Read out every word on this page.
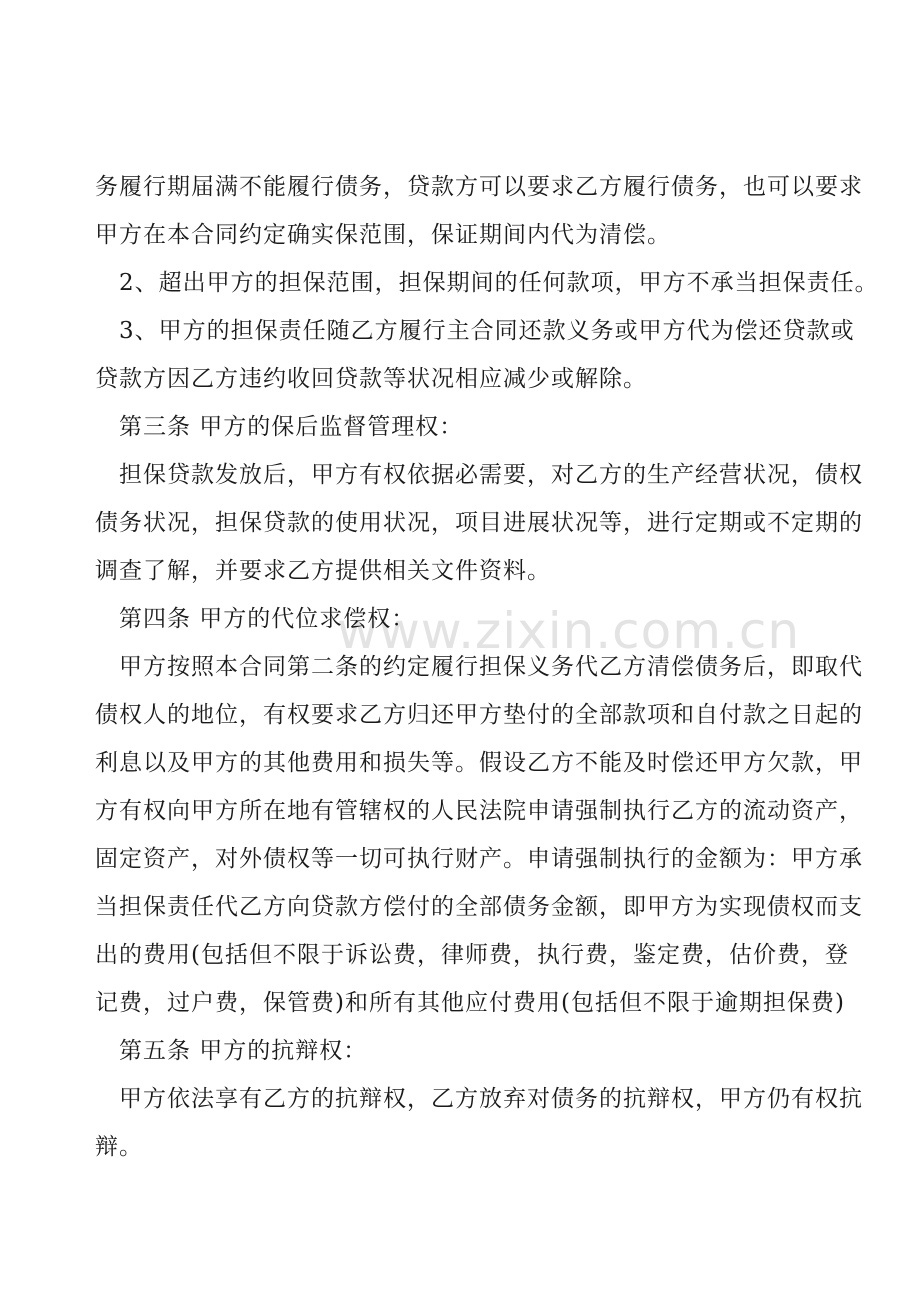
www.zixin.com.cn
务履行期届满不能履行债务，贷款方可以要求乙方履行债务，也可以要求
甲方在本合同约定确实保范围，保证期间内代为清偿。
　2、超出甲方的担保范围，担保期间的任何款项，甲方不承当担保责任。
　3、甲方的担保责任随乙方履行主合同还款义务或甲方代为偿还贷款或
贷款方因乙方违约收回贷款等状况相应减少或解除。
　第三条 甲方的保后监督管理权：
　担保贷款发放后，甲方有权依据必需要，对乙方的生产经营状况，债权
债务状况，担保贷款的使用状况，项目进展状况等，进行定期或不定期的
调查了解，并要求乙方提供相关文件资料。
　第四条 甲方的代位求偿权：
　甲方按照本合同第二条的约定履行担保义务代乙方清偿债务后，即取代
债权人的地位，有权要求乙方归还甲方垫付的全部款项和自付款之日起的
利息以及甲方的其他费用和损失等。假设乙方不能及时偿还甲方欠款，甲
方有权向甲方所在地有管辖权的人民法院申请强制执行乙方的流动资产，
固定资产，对外债权等一切可执行财产。申请强制执行的金额为：甲方承
当担保责任代乙方向贷款方偿付的全部债务金额，即甲方为实现债权而支
出的费用(包括但不限于诉讼费，律师费，执行费，鉴定费，估价费，登
记费，过户费，保管费)和所有其他应付费用(包括但不限于逾期担保费)
　第五条 甲方的抗辩权：
　甲方依法享有乙方的抗辩权，乙方放弃对债务的抗辩权，甲方仍有权抗
辩。
